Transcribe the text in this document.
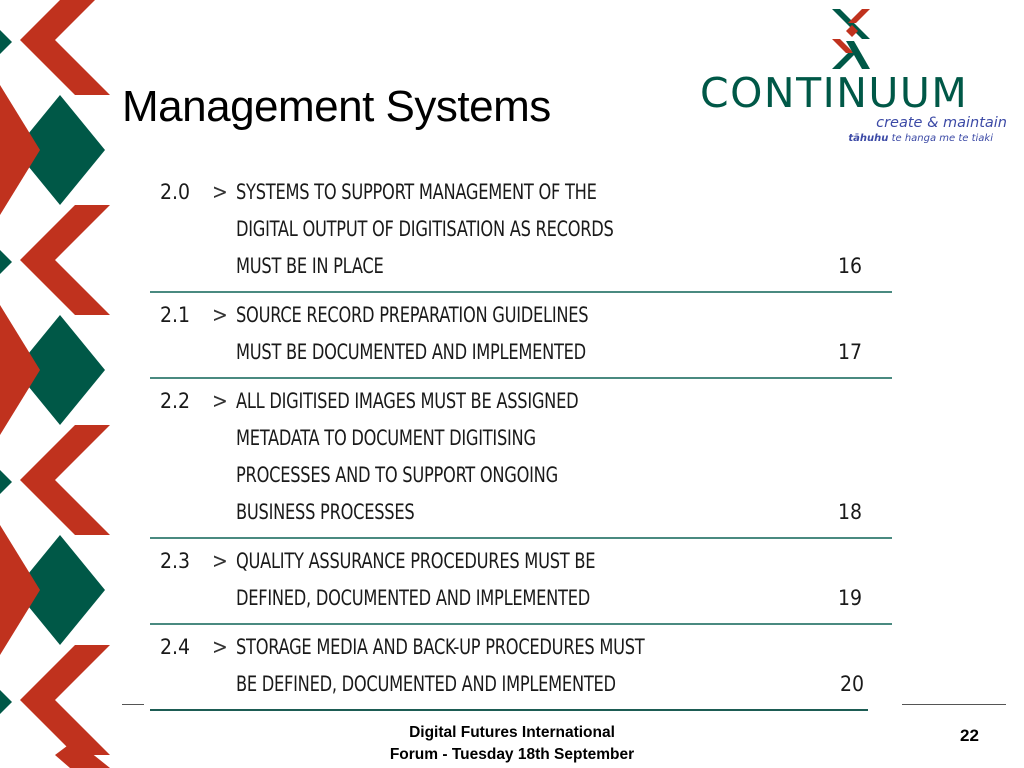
Management Systems	CONTINUUM
create & maintain
tāhuhu te hanga me te tiaki
2.0 > SYSTEMS TO SUPPORT MANAGEMENT OF THE
DIGITAL OUTPUT OF DIGITISATION AS RECORDS
MUST BE IN PLACE	16
2.1 > SOURCE RECORD PREPARATION GUIDELINES
MUST BE DOCUMENTED AND IMPLEMENTED	17
2.2 > ALL DIGITISED IMAGES MUST BE ASSIGNED
METADATA TO DOCUMENT DIGITISING
PROCESSES AND TO SUPPORT ONGOING
BUSINESS PROCESSES	18
2.3 > QUALITY ASSURANCE PROCEDURES MUST BE
DEFINED, DOCUMENTED AND IMPLEMENTED	19
2.4 > STORAGE MEDIA AND BACK-UP PROCEDURES MUST
BE DEFINED, DOCUMENTED AND IMPLEMENTED	20
Digital Futures International
Forum - Tuesday 18th September
22
